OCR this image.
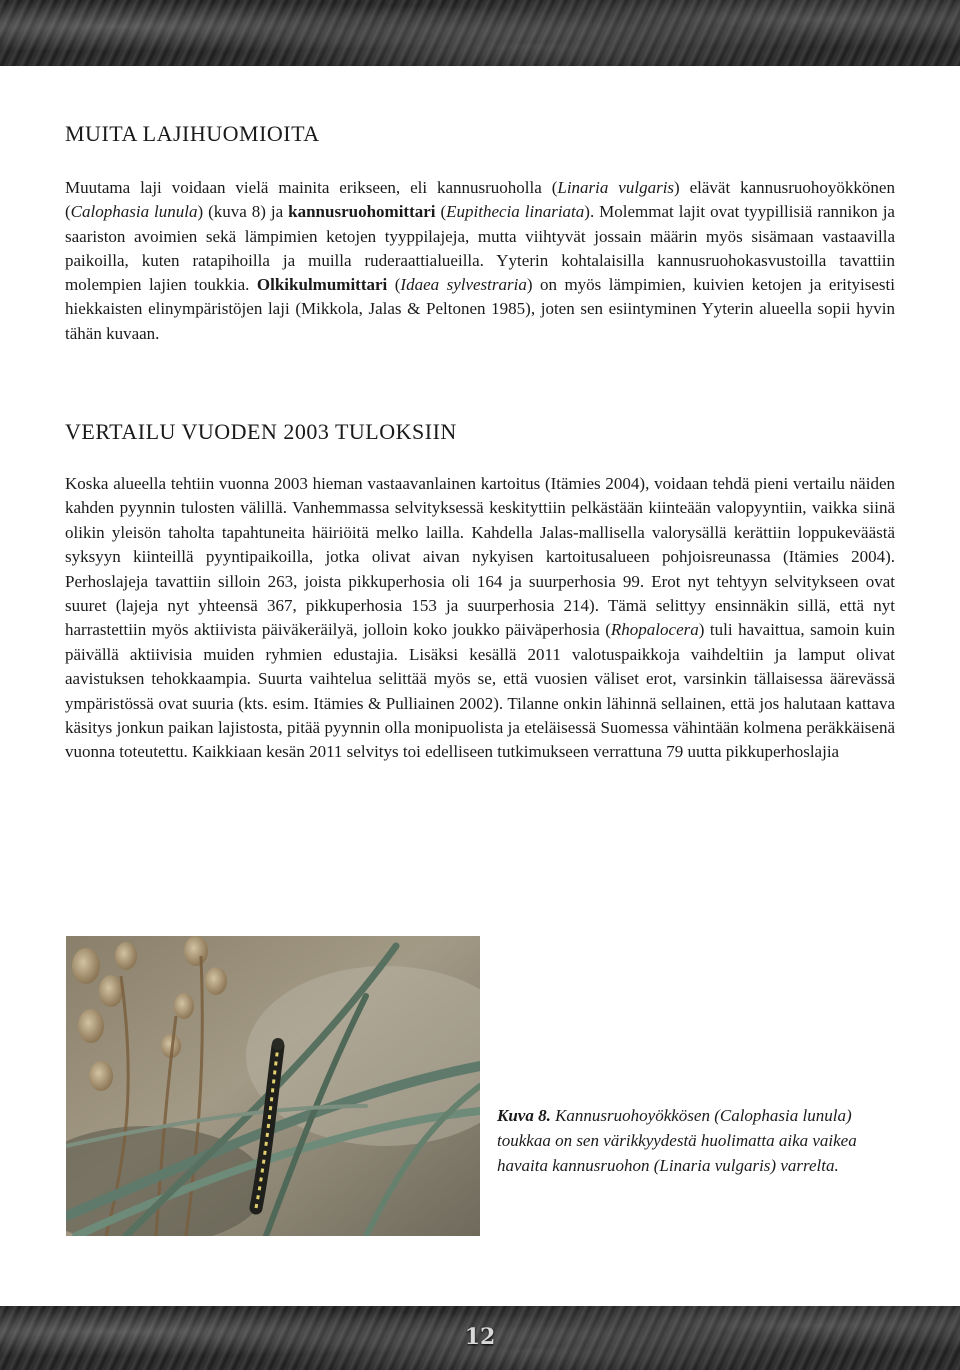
MUITA LAJIHUOMIOITA

Muutama laji voidaan vielä mainita erikseen, eli kannusruoholla (Linaria vulgaris) elävät kannusruohoyökkönen (Calophasia lunula) (kuva 8) ja kannusruohomittari (Eupithecia linariata). Molemmat lajit ovat tyypillisiä rannikon ja saariston avoimien sekä lämpimien ketojen tyyppilajeja, mutta viihtyvät jossain määrin myös sisämaan vastaavilla paikoilla, kuten ratapihoilla ja muilla ruderaattialueilla. Yyterin kohtalaisilla kannusruohokasvustoilla tavattiin molempien lajien toukkia. Olkikulmumittari (Idaea sylvestraria) on myös lämpimien, kuivien ketojen ja erityisesti hiekkaisten elinympäristöjen laji (Mikkola, Jalas & Peltonen 1985), joten sen esiintyminen Yyterin alueella sopii hyvin tähän kuvaan.

VERTAILU VUODEN 2003 TULOKSIIN

Koska alueella tehtiin vuonna 2003 hieman vastaavanlainen kartoitus (Itämies 2004), voidaan tehdä pieni vertailu näiden kahden pyynnin tulosten välillä. Vanhemmassa selvityksessä keskityttiin pelkästään kiinteään valopyyntiin, vaikka siinä olikin yleisön taholta tapahtuneita häiriöitä melko lailla. Kahdella Jalas-mallisella valorysällä kerättiin loppukeväästä syksyyn kiinteillä pyyntipaikoilla, jotka olivat aivan nykyisen kartoitusalueen pohjoisreunassa (Itämies 2004). Perhoslajeja tavattiin silloin 263, joista pikkuperhosia oli 164 ja suurperhosia 99. Erot nyt tehtyyn selvitykseen ovat suuret (lajeja nyt yhteensä 367, pikkuperhosia 153 ja suurperhosia 214). Tämä selittyy ensinnäkin sillä, että nyt harrastettiin myös aktiivista päiväkeräilyä, jolloin koko joukko päiväperhosia (Rhopalocera) tuli havaittua, samoin kuin päivällä aktiivisia muiden ryhmien edustajia. Lisäksi kesällä 2011 valotuspaikkoja vaihdeltiin ja lamput olivat aavistuksen tehokkaampia. Suurta vaihtelua selittää myös se, että vuosien väliset erot, varsinkin tällaisessa äärevässä ympäristössä ovat suuria (kts. esim. Itämies & Pulliainen 2002). Tilanne onkin lähinnä sellainen, että jos halutaan kattava käsitys jonkun paikan lajistosta, pitää pyynnin olla monipuolista ja eteläisessä Suomessa vähintään kolmena peräkkäisenä vuonna toteutettu. Kaikkiaan kesän 2011 selvitys toi edelliseen tutkimukseen verrattuna 79 uutta pikkuperhoslajia

Kuva 8. Kannusruohoyökkösen (Calophasia lunula) toukkaa on sen värikkyydestä huolimatta aika vaikea havaita kannusruohon (Linaria vulgaris) varrelta.
12
